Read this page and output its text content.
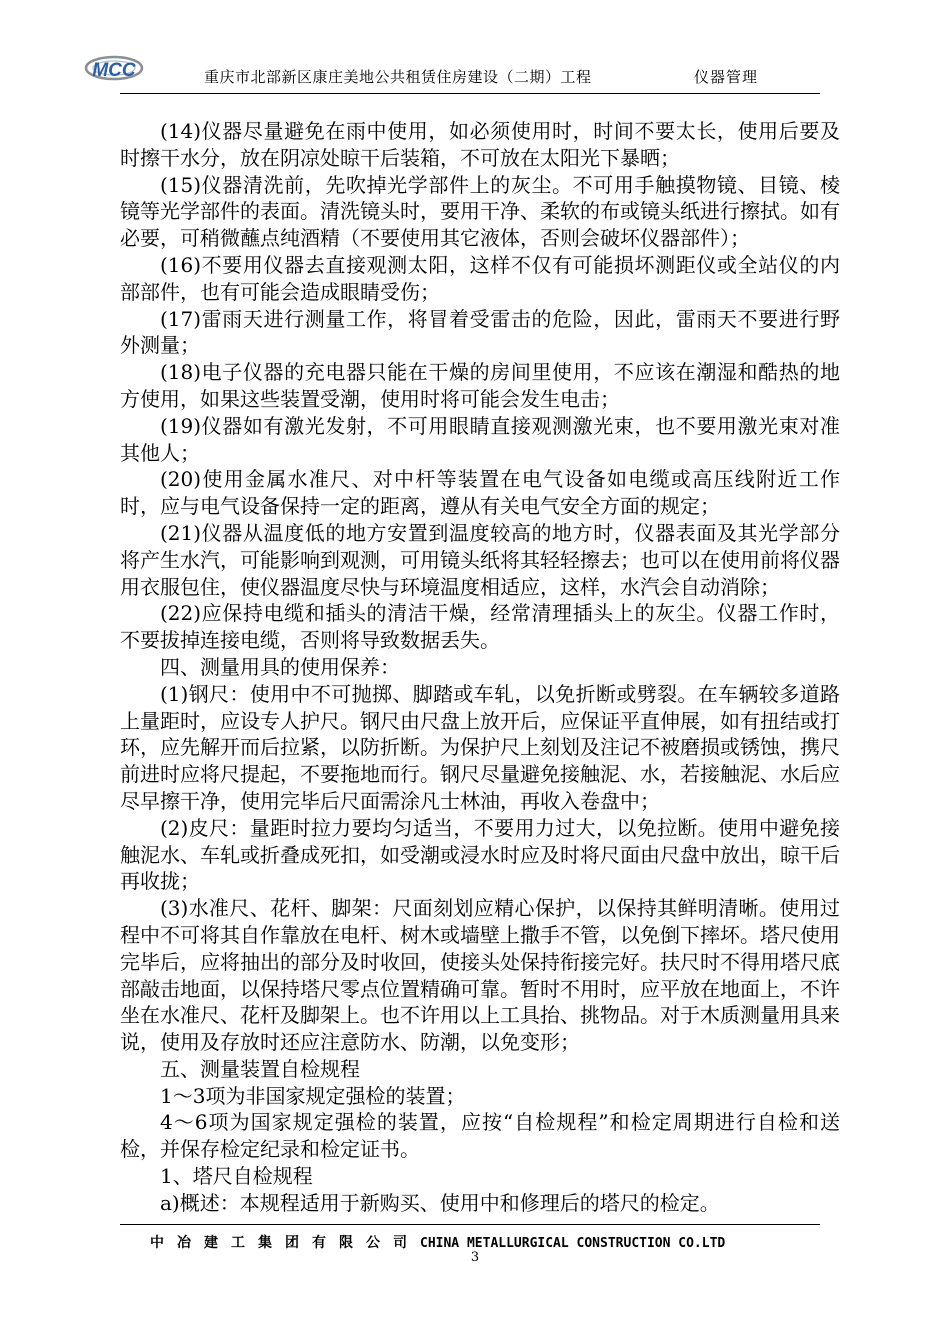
MCC	重庆市北部新区康庄美地公共租赁住房建设（二期）工程	仪器管理

(14)仪器尽量避免在雨中使用，如必须使用时，时间不要太长，使用后要及时擦干水分，放在阴凉处晾干后装箱，不可放在太阳光下暴晒；

(15)仪器清洗前，先吹掉光学部件上的灰尘。不可用手触摸物镜、目镜、棱镜等光学部件的表面。清洗镜头时，要用干净、柔软的布或镜头纸进行擦拭。如有必要，可稍微蘸点纯酒精（不要使用其它液体，否则会破坏仪器部件）；

(16)不要用仪器去直接观测太阳，这样不仅有可能损坏测距仪或全站仪的内部部件，也有可能会造成眼睛受伤；

(17)雷雨天进行测量工作，将冒着受雷击的危险，因此，雷雨天不要进行野外测量；

(18)电子仪器的充电器只能在干燥的房间里使用，不应该在潮湿和酷热的地方使用，如果这些装置受潮，使用时将可能会发生电击；

(19)仪器如有激光发射，不可用眼睛直接观测激光束，也不要用激光束对准其他人；

(20)使用金属水准尺、对中杆等装置在电气设备如电缆或高压线附近工作时，应与电气设备保持一定的距离，遵从有关电气安全方面的规定；

(21)仪器从温度低的地方安置到温度较高的地方时，仪器表面及其光学部分将产生水汽，可能影响到观测，可用镜头纸将其轻轻擦去；也可以在使用前将仪器用衣服包住，使仪器温度尽快与环境温度相适应，这样，水汽会自动消除；

(22)应保持电缆和插头的清洁干燥，经常清理插头上的灰尘。仪器工作时，不要拔掉连接电缆，否则将导致数据丢失。

四、测量用具的使用保养：

(1)钢尺：使用中不可抛掷、脚踏或车轧，以免折断或劈裂。在车辆较多道路上量距时，应设专人护尺。钢尺由尺盘上放开后，应保证平直伸展，如有扭结或打环，应先解开而后拉紧，以防折断。为保护尺上刻划及注记不被磨损或锈蚀，携尺前进时应将尺提起，不要拖地而行。钢尺尽量避免接触泥、水，若接触泥、水后应尽早擦干净，使用完毕后尺面需涂凡士林油，再收入卷盘中；

(2)皮尺：量距时拉力要均匀适当，不要用力过大，以免拉断。使用中避免接触泥水、车轧或折叠成死扣，如受潮或浸水时应及时将尺面由尺盘中放出，晾干后再收拢；

(3)水准尺、花杆、脚架：尺面刻划应精心保护，以保持其鲜明清晰。使用过程中不可将其自作靠放在电杆、树木或墙壁上撒手不管，以免倒下摔坏。塔尺使用完毕后，应将抽出的部分及时收回，使接头处保持衔接完好。扶尺时不得用塔尺底部敲击地面，以保持塔尺零点位置精确可靠。暂时不用时，应平放在地面上，不许坐在水准尺、花杆及脚架上。也不许用以上工具抬、挑物品。对于木质测量用具来说，使用及存放时还应注意防水、防潮，以免变形；

五、测量装置自检规程

1～3项为非国家规定强检的装置；

4～6项为国家规定强检的装置，应按“自检规程”和检定周期进行自检和送检，并保存检定纪录和检定证书。

1、塔尺自检规程

a)概述：本规程适用于新购买、使用中和修理后的塔尺的检定。

中冶建工集团有限公司CHINA METALLURGICAL CONSTRUCTION CO.LTD
3
